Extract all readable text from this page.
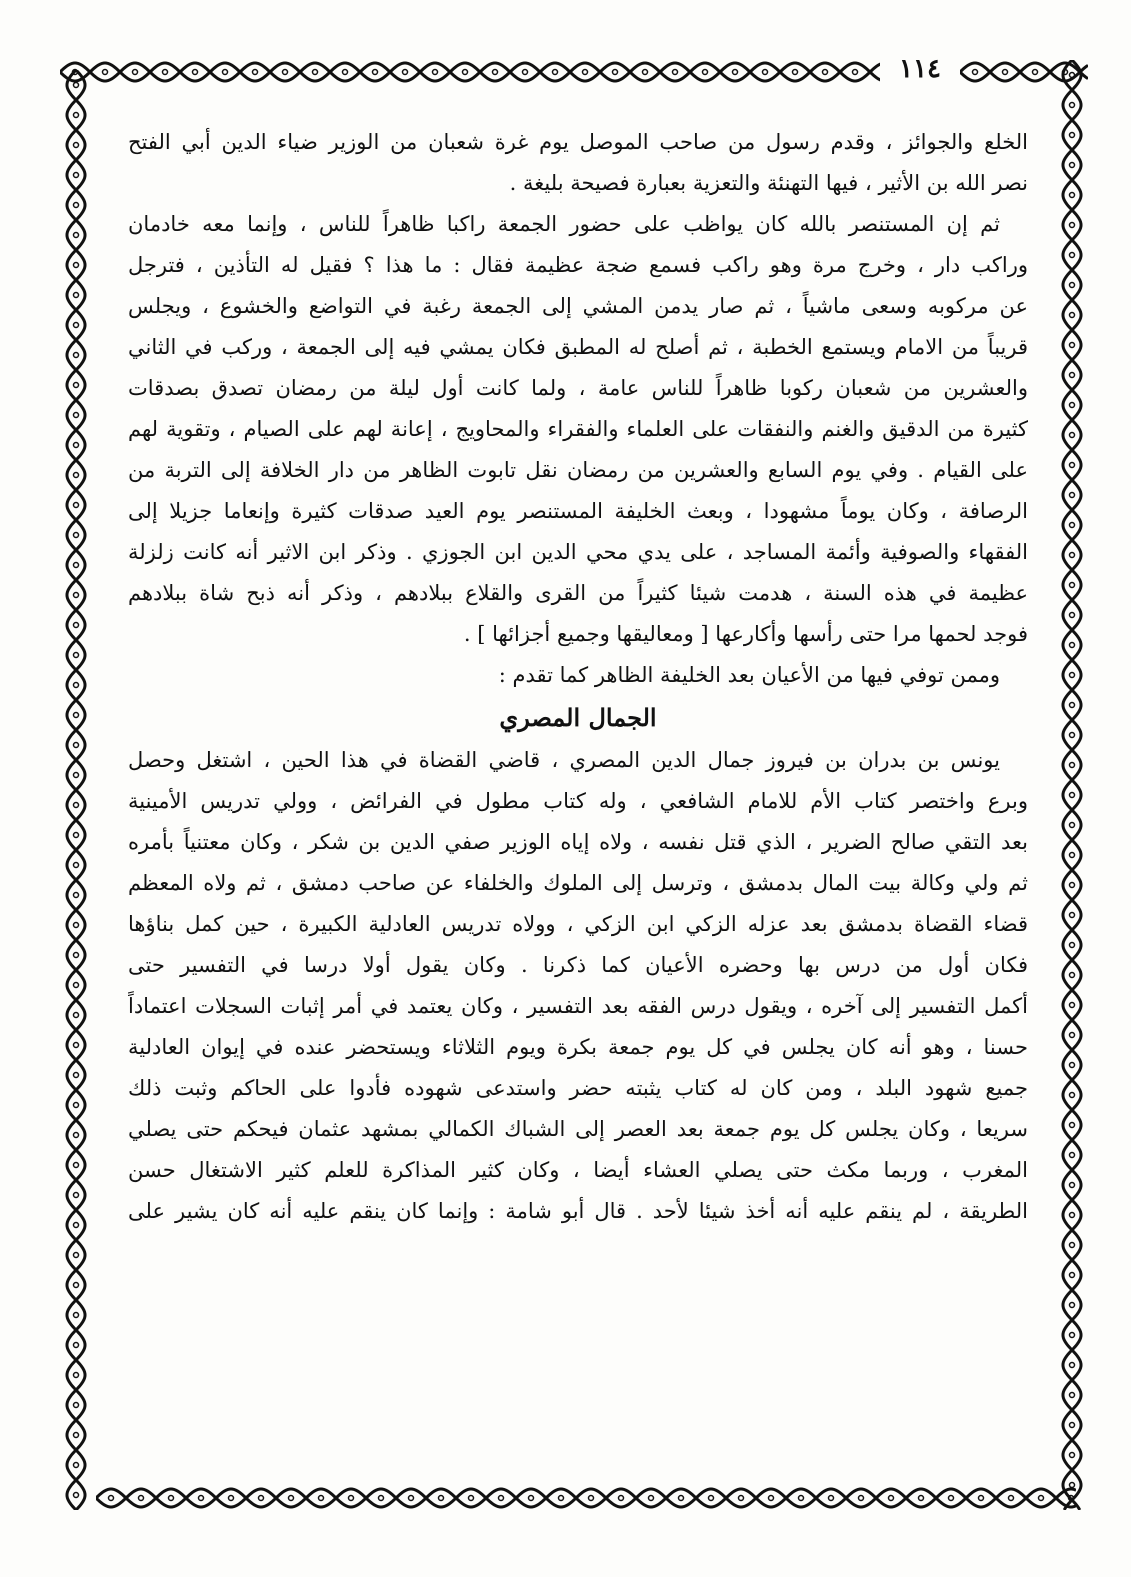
١١٤
الخلع والجوائز ، وقدم رسول من صاحب الموصل يوم غرة شعبان من الوزير ضياء الدين أبي الفتح
نصر الله بن الأثير ، فيها التهنئة والتعزية بعبارة فصيحة بليغة .
ثم إن المستنصر بالله كان يواظب على حضور الجمعة راكبا ظاهراً للناس ، وإنما معه خادمان
وراكب دار ، وخرج مرة وهو راكب فسمع ضجة عظيمة فقال : ما هذا ؟ فقيل له التأذين ، فترجل
عن مركوبه وسعى ماشياً ، ثم صار يدمن المشي إلى الجمعة رغبة في التواضع والخشوع ، ويجلس
قريباً من الامام ويستمع الخطبة ، ثم أصلح له المطبق فكان يمشي فيه إلى الجمعة ، وركب في الثاني
والعشرين من شعبان ركوبا ظاهراً للناس عامة ، ولما كانت أول ليلة من رمضان تصدق بصدقات
كثيرة من الدقيق والغنم والنفقات على العلماء والفقراء والمحاويج ، إعانة لهم على الصيام ، وتقوية لهم
على القيام . وفي يوم السابع والعشرين من رمضان نقل تابوت الظاهر من دار الخلافة إلى التربة من
الرصافة ، وكان يوماً مشهودا ، وبعث الخليفة المستنصر يوم العيد صدقات كثيرة وإنعاما جزيلا إلى
الفقهاء والصوفية وأئمة المساجد ، على يدي محي الدين ابن الجوزي . وذكر ابن الاثير أنه كانت زلزلة
عظيمة في هذه السنة ، هدمت شيئا كثيراً من القرى والقلاع ببلادهم ، وذكر أنه ذبح شاة ببلادهم
فوجد لحمها مرا حتى رأسها وأكارعها [ ومعاليقها وجميع أجزائها ] .
وممن توفي فيها من الأعيان بعد الخليفة الظاهر كما تقدم :
الجمال المصري
يونس بن بدران بن فيروز جمال الدين المصري ، قاضي القضاة في هذا الحين ، اشتغل وحصل
وبرع واختصر كتاب الأم للامام الشافعي ، وله كتاب مطول في الفرائض ، وولي تدريس الأمينية
بعد التقي صالح الضرير ، الذي قتل نفسه ، ولاه إياه الوزير صفي الدين بن شكر ، وكان معتنياً بأمره
ثم ولي وكالة بيت المال بدمشق ، وترسل إلى الملوك والخلفاء عن صاحب دمشق ، ثم ولاه المعظم
قضاء القضاة بدمشق بعد عزله الزكي ابن الزكي ، وولاه تدريس العادلية الكبيرة ، حين كمل بناؤها
فكان أول من درس بها وحضره الأعيان كما ذكرنا . وكان يقول أولا درسا في التفسير حتى
أكمل التفسير إلى آخره ، ويقول درس الفقه بعد التفسير ، وكان يعتمد في أمر إثبات السجلات اعتماداً
حسنا ، وهو أنه كان يجلس في كل يوم جمعة بكرة ويوم الثلاثاء ويستحضر عنده في إيوان العادلية
جميع شهود البلد ، ومن كان له كتاب يثبته حضر واستدعى شهوده فأدوا على الحاكم وثبت ذلك
سريعا ، وكان يجلس كل يوم جمعة بعد العصر إلى الشباك الكمالي بمشهد عثمان فيحكم حتى يصلي
المغرب ، وربما مكث حتى يصلي العشاء أيضا ، وكان كثير المذاكرة للعلم كثير الاشتغال حسن
الطريقة ، لم ينقم عليه أنه أخذ شيئا لأحد . قال أبو شامة : وإنما كان ينقم عليه أنه كان يشير على
